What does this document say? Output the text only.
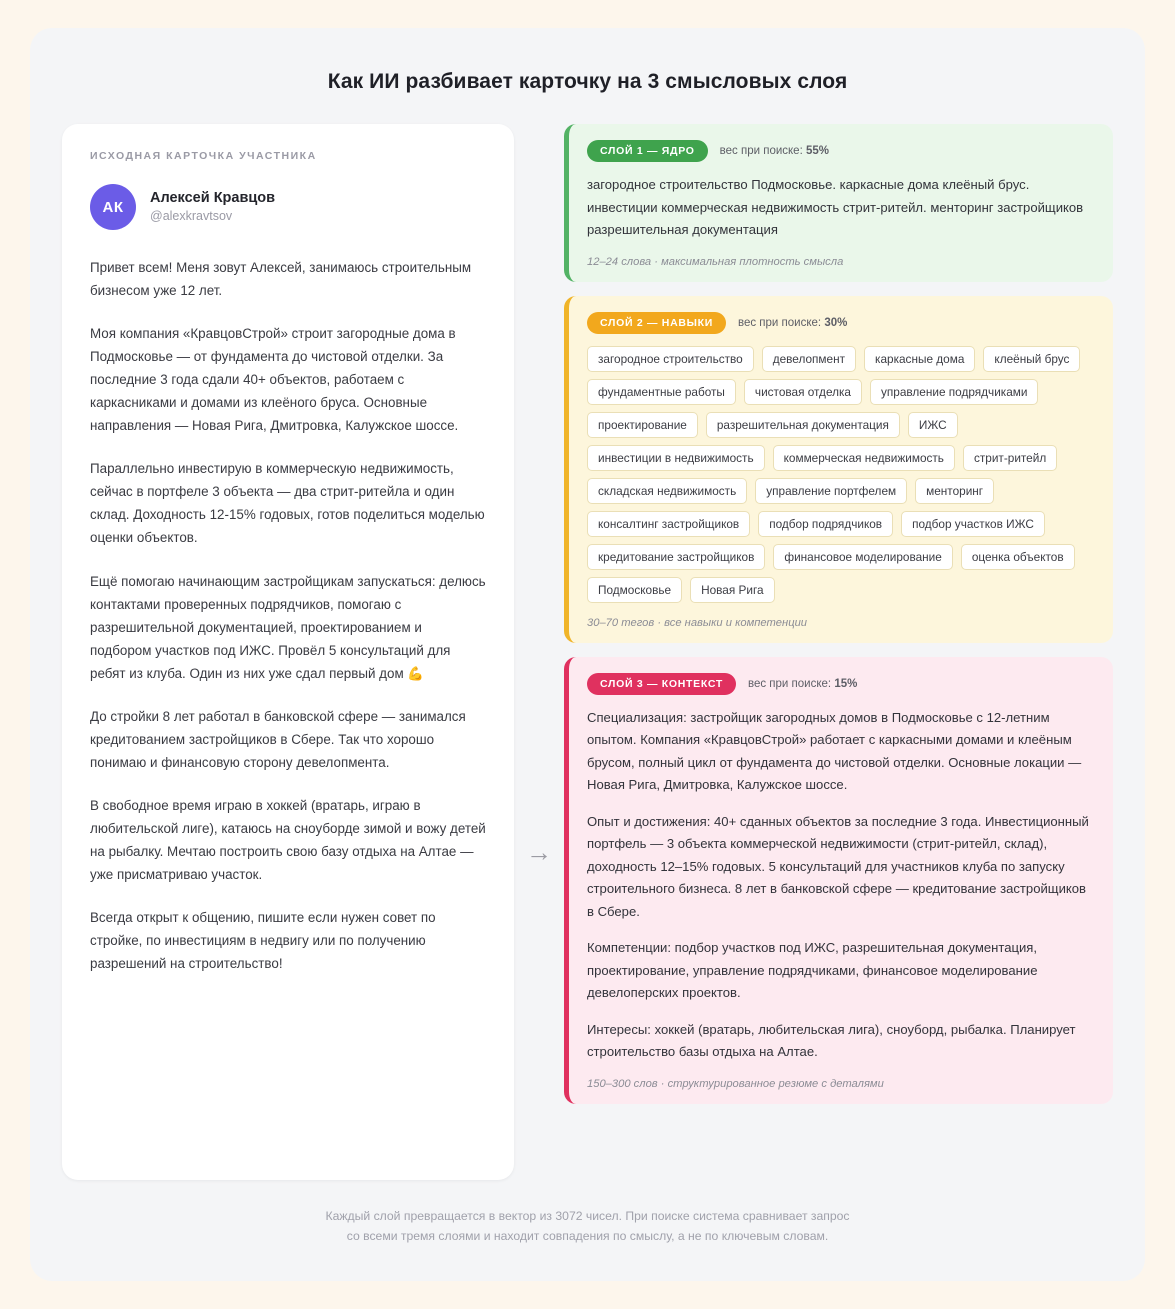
Как ИИ разбивает карточку на 3 смысловых слоя
ИСХОДНАЯ КАРТОЧКА УЧАСТНИКА
АК
Алексей Кравцов
@alexkravtsov

Привет всем! Меня зовут Алексей, занимаюсь строительным бизнесом уже 12 лет.

Моя компания «КравцовСтрой» строит загородные дома в Подмосковье — от фундамента до чистовой отделки. За последние 3 года сдали 40+ объектов, работаем с каркасниками и домами из клеёного бруса. Основные направления — Новая Рига, Дмитровка, Калужское шоссе.

Параллельно инвестирую в коммерческую недвижимость, сейчас в портфеле 3 объекта — два стрит-ритейла и один склад. Доходность 12-15% годовых, готов поделиться моделью оценки объектов.

Ещё помогаю начинающим застройщикам запускаться: делюсь контактами проверенных подрядчиков, помогаю с разрешительной документацией, проектированием и подбором участков под ИЖС. Провёл 5 консультаций для ребят из клуба. Один из них уже сдал первый дом 💪

До стройки 8 лет работал в банковской сфере — занимался кредитованием застройщиков в Сбере. Так что хорошо понимаю и финансовую сторону девелопмента.

В свободное время играю в хоккей (вратарь, играю в любительской лиге), катаюсь на сноуборде зимой и вожу детей на рыбалку. Мечтаю построить свою базу отдыха на Алтае — уже присматриваю участок.

Всегда открыт к общению, пишите если нужен совет по стройке, по инвестициям в недвигу или по получению разрешений на строительство!

→
СЛОЙ 1 — ЯДРО	вес при поиске: 55%

загородное строительство Подмосковье. каркасные дома клеёный брус. инвестиции коммерческая недвижимость стрит-ритейл. менторинг застройщиков разрешительная документация

12–24 слова · максимальная плотность смысла
СЛОЙ 2 — НАВЫКИ	вес при поиске: 30%
загородное строительство	девелопмент	каркасные дома	клеёный брус
фундаментные работы	чистовая отделка	управление подрядчиками
проектирование	разрешительная документация	ИЖС
инвестиции в недвижимость	коммерческая недвижимость	стрит-ритейл
складская недвижимость	управление портфелем	менторинг
консалтинг застройщиков	подбор подрядчиков	подбор участков ИЖС
кредитование застройщиков	финансовое моделирование	оценка объектов
Подмосковье	Новая Рига
30–70 тегов · все навыки и компетенции
СЛОЙ 3 — КОНТЕКСТ	вес при поиске: 15%

Специализация: застройщик загородных домов в Подмосковье с 12-летним опытом. Компания «КравцовСтрой» работает с каркасными домами и клеёным брусом, полный цикл от фундамента до чистовой отделки. Основные локации — Новая Рига, Дмитровка, Калужское шоссе.

Опыт и достижения: 40+ сданных объектов за последние 3 года. Инвестиционный портфель — 3 объекта коммерческой недвижимости (стрит-ритейл, склад), доходность 12–15% годовых. 5 консультаций для участников клуба по запуску строительного бизнеса. 8 лет в банковской сфере — кредитование застройщиков в Сбере.

Компетенции: подбор участков под ИЖС, разрешительная документация, проектирование, управление подрядчиками, финансовое моделирование девелоперских проектов.

Интересы: хоккей (вратарь, любительская лига), сноуборд, рыбалка. Планирует строительство базы отдыха на Алтае.

150–300 слов · структурированное резюме с деталями
Каждый слой превращается в вектор из 3072 чисел. При поиске система сравнивает запрос
со всеми тремя слоями и находит совпадения по смыслу, а не по ключевым словам.
